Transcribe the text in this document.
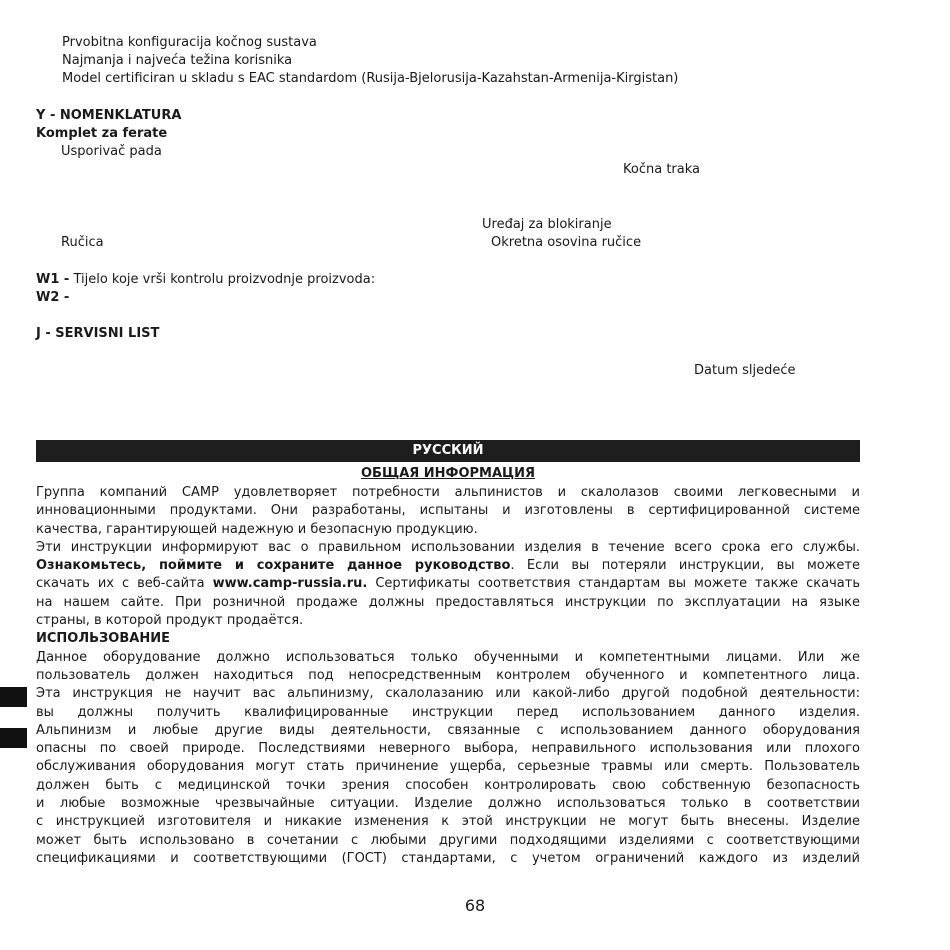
Prvobitna konfiguracija kočnog sustava
Najmanja i najveća težina korisnika
Model certificiran u skladu s EAC standardom (Rusija-Bjelorusija-Kazahstan-Armenija-Kirgistan)
Y - NOMENKLATURA
Komplet za ferate
Usporivač pada
Kočna traka
Uređaj za blokiranje
Ručica	Okretna osovina ručice
W1 - Tijelo koje vrši kontrolu proizvodnje proizvoda:
W2 -
J - SERVISNI LIST
Datum sljedeće
РУССКИЙ
ОБЩАЯ ИНФОРМАЦИЯ
Группа компаний CAMP удовлетворяет потребности альпинистов и скалолазов своими легковесными и
инновационными продуктами. Они разработаны, испытаны и изготовлены в сертифицированной системе
качества, гарантирующей надежную и безопасную продукцию.
Эти инструкции информируют вас о правильном использовании изделия в течение всего срока его службы.
Ознакомьтесь, поймите и сохраните данное руководство. Если вы потеряли инструкции, вы можете
скачать их с веб-сайта www.camp-russia.ru. Сертификаты соответствия стандартам вы можете также скачать
на нашем сайте. При розничной продаже должны предоставляться инструкции по эксплуатации на языке
страны, в которой продукт продаётся.
ИСПОЛЬЗОВАНИЕ
Данное оборудование должно использоваться только обученными и компетентными лицами. Или же
пользователь должен находиться под непосредственным контролем обученного и компетентного лица.
Эта инструкция не научит вас альпинизму, скалолазанию или какой-либо другой подобной деятельности:
вы должны получить квалифицированные инструкции перед использованием данного изделия.
Альпинизм и любые другие виды деятельности, связанные с использованием данного оборудования
опасны по своей природе. Последствиями неверного выбора, неправильного использования или плохого
обслуживания оборудования могут стать причинение ущерба, серьезные травмы или смерть. Пользователь
должен быть с медицинской точки зрения способен контролировать свою собственную безопасность
и любые возможные чрезвычайные ситуации. Изделие должно использоваться только в соответствии
с инструкцией изготовителя и никакие изменения к этой инструкции не могут быть внесены. Изделие
может быть использовано в сочетании с любыми другими подходящими изделиями с соответствующими
спецификациями и соответствующими (ГОСТ) стандартами, с учетом ограничений каждого из изделий
68
